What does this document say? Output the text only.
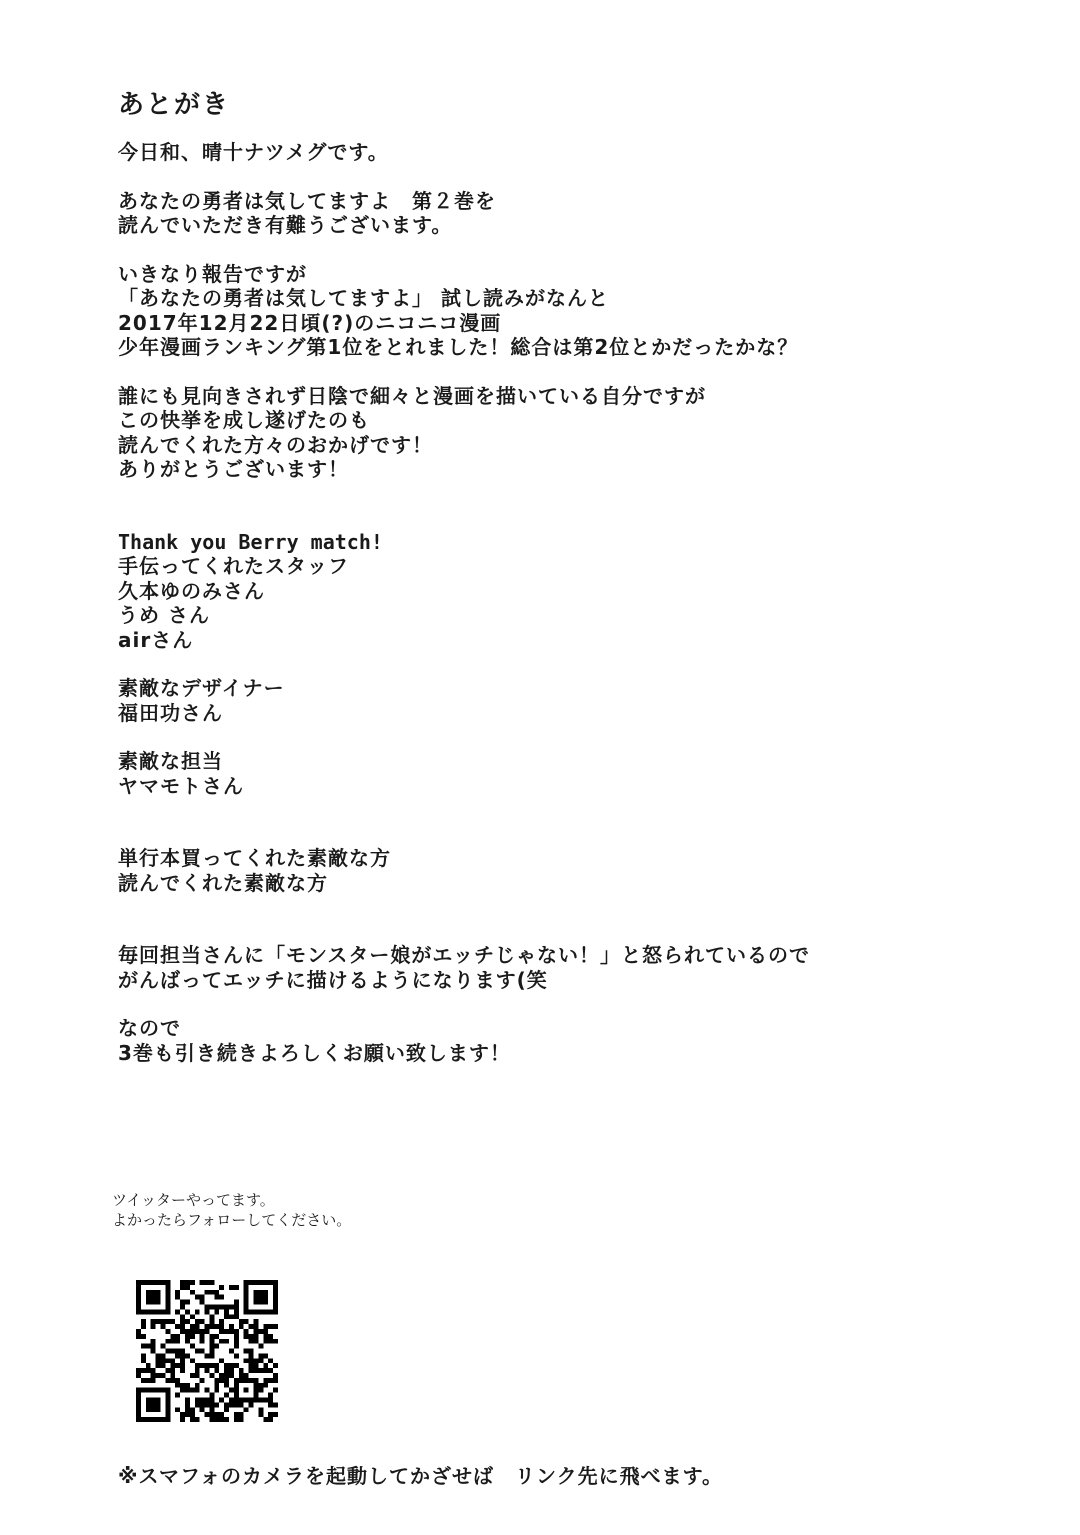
あとがき
今日和、晴十ナツメグです。
あなたの勇者は気してますよ　第２巻を
読んでいただき有難うございます。
いきなり報告ですが
「あなたの勇者は気してますよ」 試し読みがなんと
2017年12月22日頃(?)のニコニコ漫画
少年漫画ランキング第1位をとれました！総合は第2位とかだったかな？
誰にも見向きされず日陰で細々と漫画を描いている自分ですが
この快挙を成し遂げたのも
読んでくれた方々のおかげです！
ありがとうございます！
Thank you Berry match!
手伝ってくれたスタッフ
久本ゆのみさん
うめ さん
airさん
素敵なデザイナー
福田功さん
素敵な担当
ヤマモトさん
単行本買ってくれた素敵な方
読んでくれた素敵な方
毎回担当さんに「モンスター娘がエッチじゃない！」と怒られているので
がんばってエッチに描けるようになります(笑
なので
3巻も引き続きよろしくお願い致します！
ツイッターやってます。
よかったらフォローしてください。
※スマフォのカメラを起動してかざせば　リンク先に飛べます。
